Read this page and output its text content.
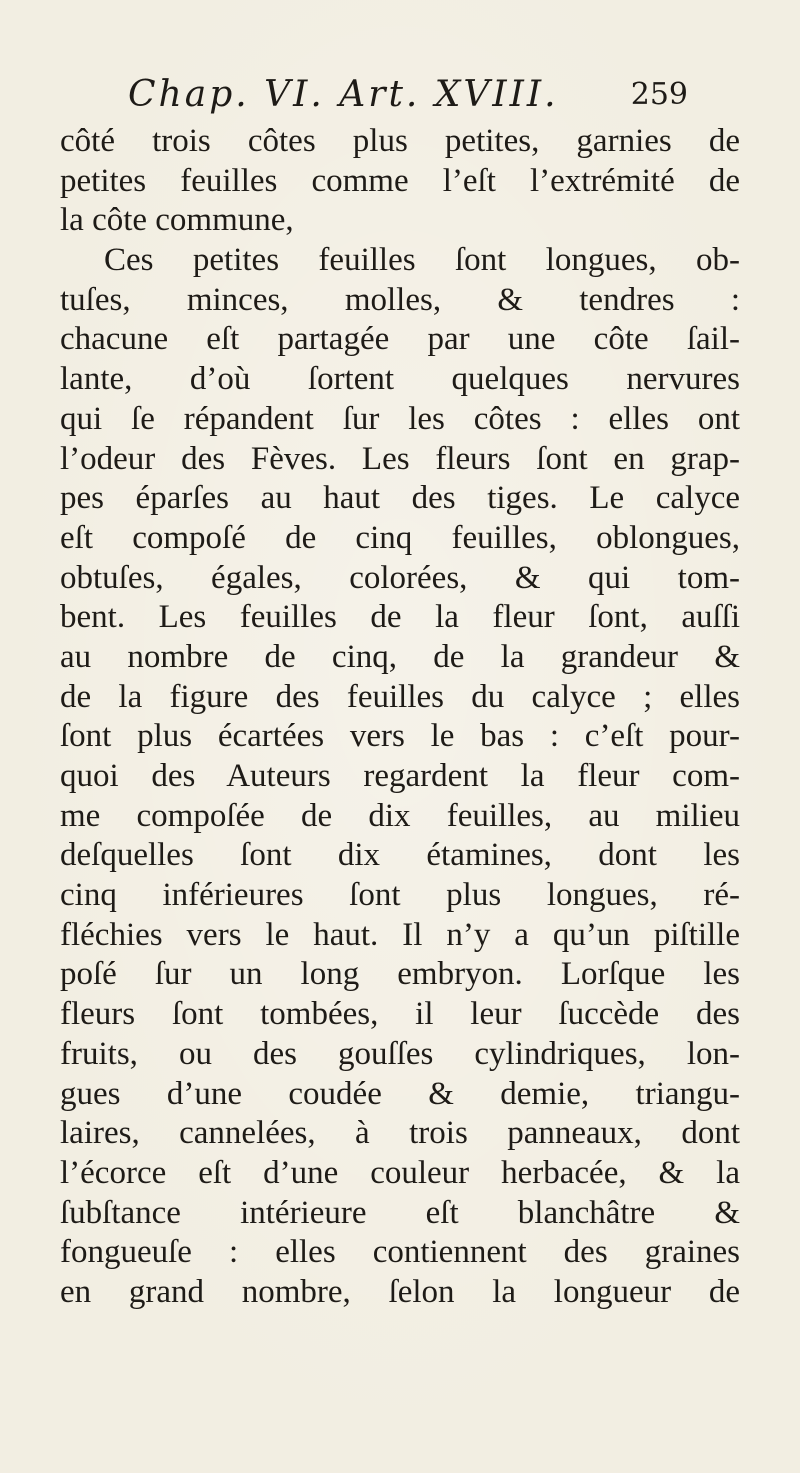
Chap. VI. Art. XVIII. 259
côté trois côtes plus petites, garnies de
petites feuilles comme l’eſt l’extrémité de
la côte commune,
Ces petites feuilles ſont longues, ob-
tuſes, minces, molles, & tendres :
chacune eſt partagée par une côte ſail-
lante, d’où ſortent quelques nervures
qui ſe répandent ſur les côtes : elles ont
l’odeur des Fèves. Les fleurs ſont en grap-
pes éparſes au haut des tiges. Le calyce
eſt compoſé de cinq feuilles, oblongues,
obtuſes, égales, colorées, & qui tom-
bent. Les feuilles de la fleur ſont, auſſi
au nombre de cinq, de la grandeur &
de la figure des feuilles du calyce ; elles
ſont plus écartées vers le bas : c’eſt pour-
quoi des Auteurs regardent la fleur com-
me compoſée de dix feuilles, au milieu
deſquelles ſont dix étamines, dont les
cinq inférieures ſont plus longues, ré-
fléchies vers le haut. Il n’y a qu’un piſtille
poſé ſur un long embryon. Lorſque les
fleurs ſont tombées, il leur ſuccède des
fruits, ou des gouſſes cylindriques, lon-
gues d’une coudée & demie, triangu-
laires, cannelées, à trois panneaux, dont
l’écorce eſt d’une couleur herbacée, & la
ſubſtance intérieure eſt blanchâtre &
fongueuſe : elles contiennent des graines
en grand nombre, ſelon la longueur de
